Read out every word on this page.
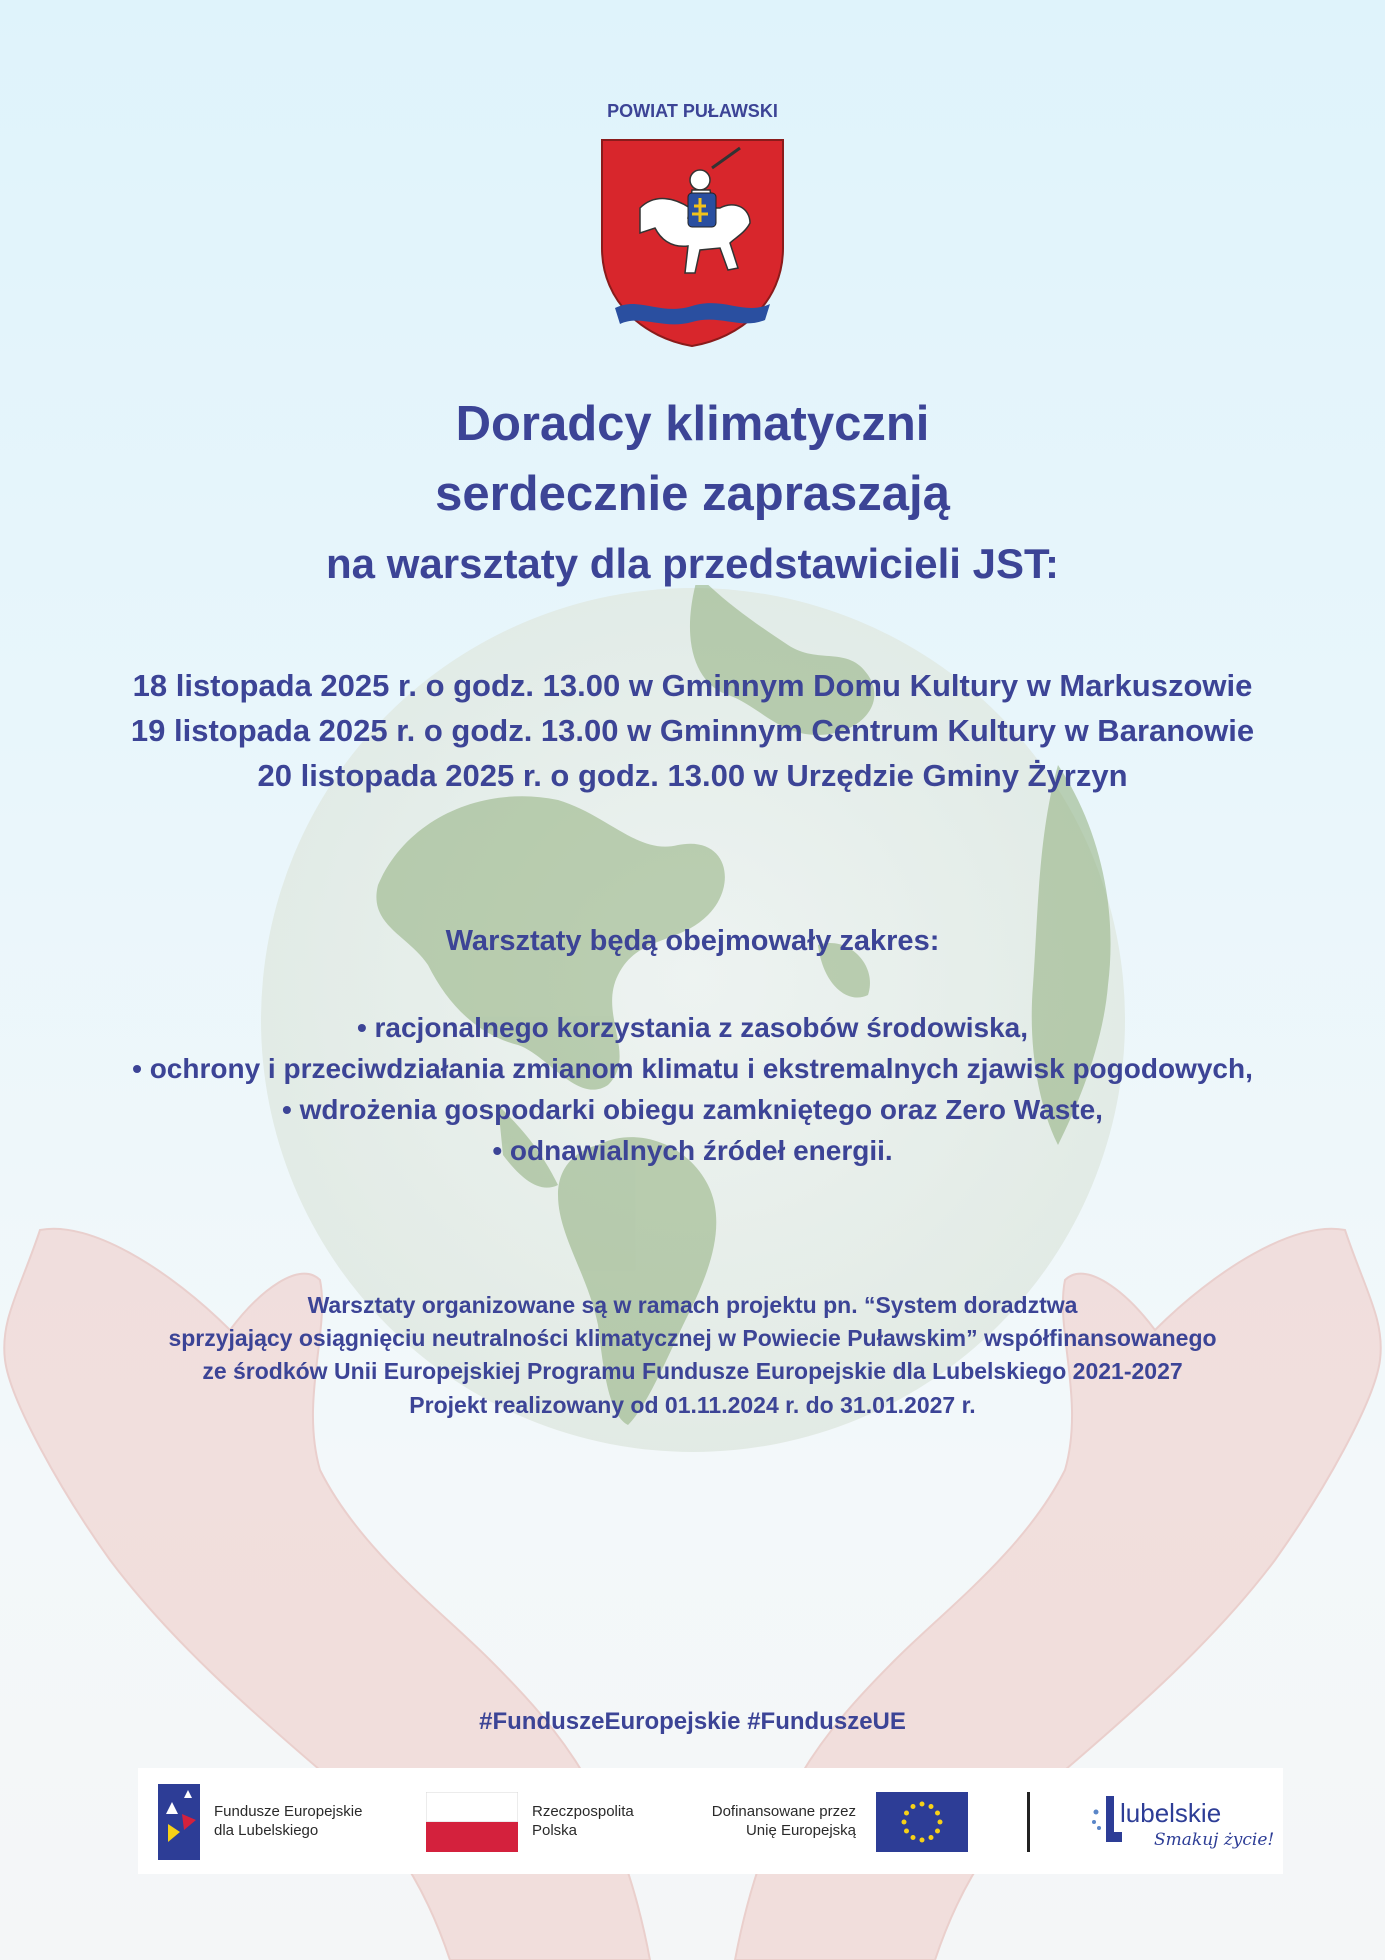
POWIAT PUŁAWSKI
Doradcy klimatyczni
serdecznie zapraszają
na warsztaty dla przedstawicieli JST:
18 listopada 2025 r. o godz. 13.00 w Gminnym Domu Kultury w Markuszowie
19 listopada 2025 r. o godz. 13.00 w Gminnym Centrum Kultury w Baranowie
20 listopada 2025 r. o godz. 13.00 w Urzędzie Gminy Żyrzyn
Warsztaty będą obejmowały zakres:
• racjonalnego korzystania z zasobów środowiska,
• ochrony i przeciwdziałania zmianom klimatu i ekstremalnych zjawisk pogodowych,
• wdrożenia gospodarki obiegu zamkniętego oraz Zero Waste,
• odnawialnych źródeł energii.
Warsztaty organizowane są w ramach projektu pn. “System doradztwa
sprzyjający osiągnięciu neutralności klimatycznej w Powiecie Puławskim” współfinansowanego
ze środków Unii Europejskiej Programu Fundusze Europejskie dla Lubelskiego 2021-2027
Projekt realizowany od 01.11.2024 r. do 31.01.2027 r.
#FunduszeEuropejskie #FunduszeUE
Fundusze Europejskie
dla Lubelskiego
Rzeczpospolita
Polska
Dofinansowane przez
Unię Europejską
lubelskie
Smakuj życie!
